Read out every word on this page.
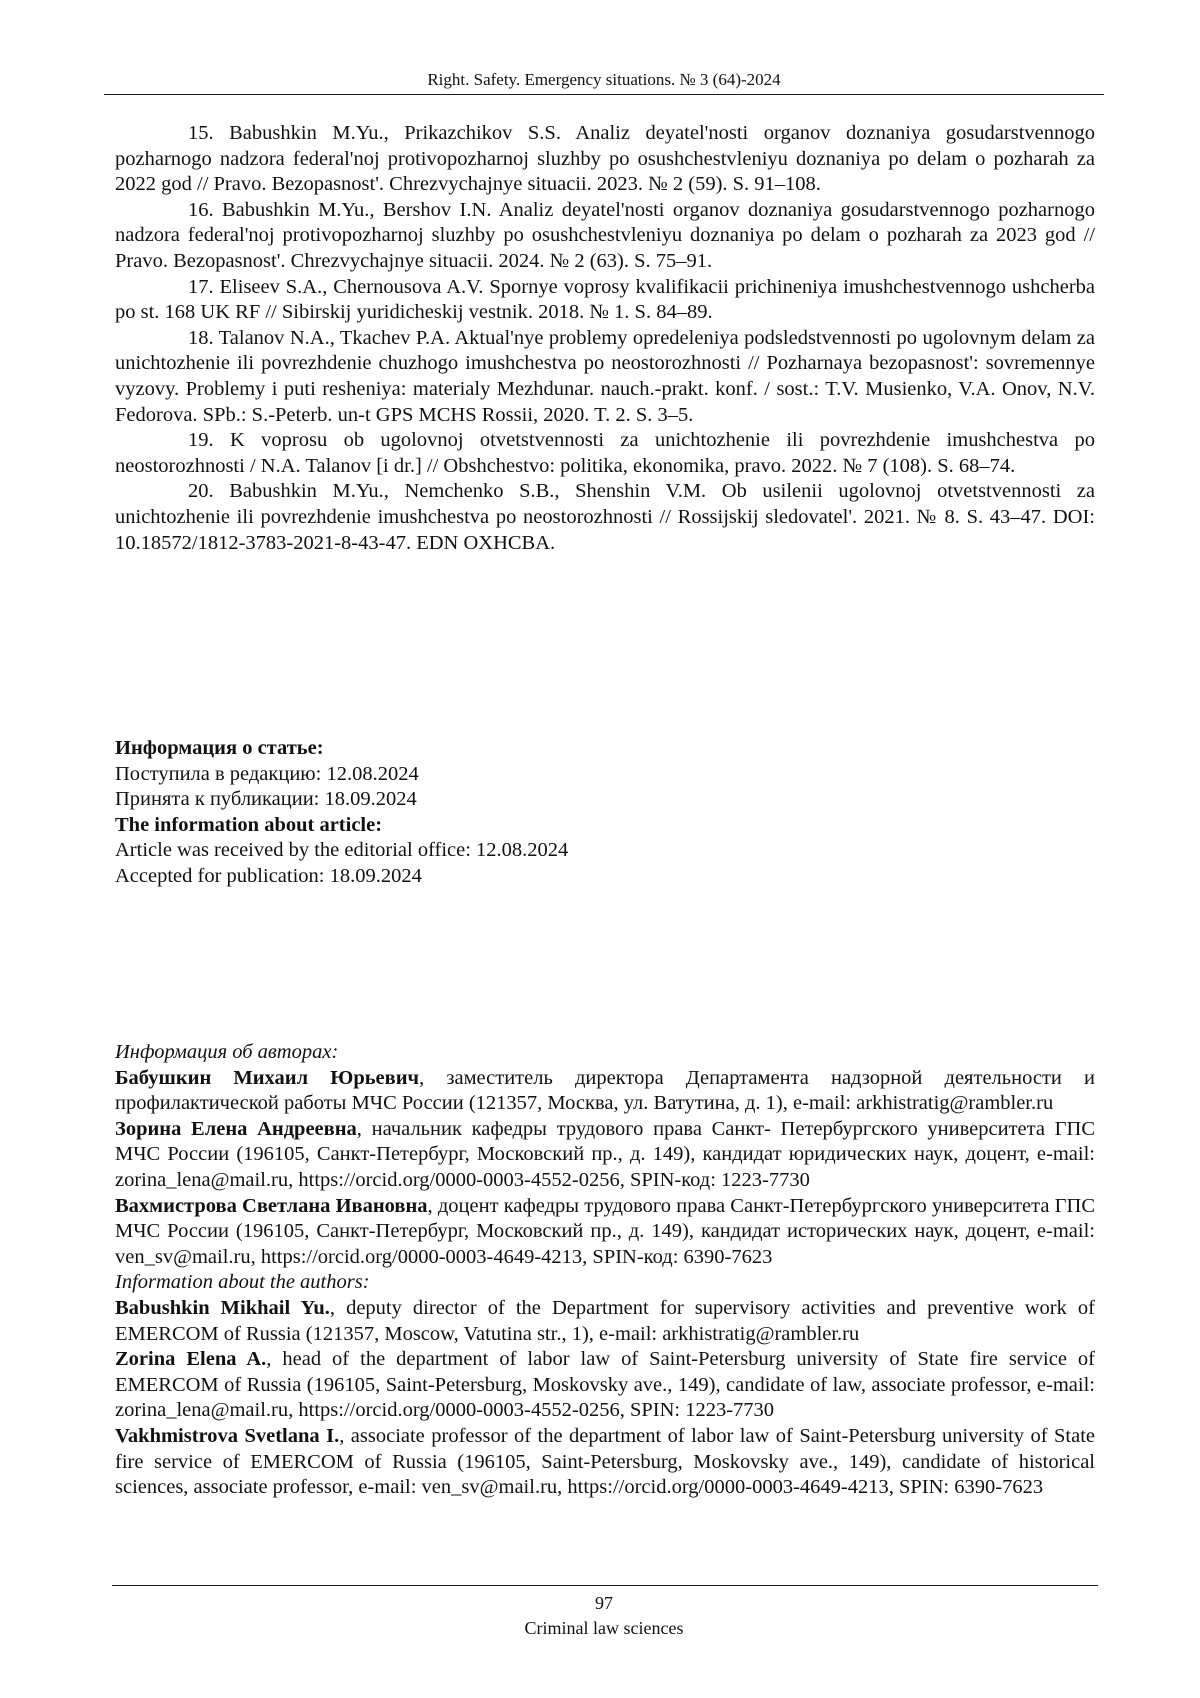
Right. Safety. Emergency situations. № 3 (64)-2024

15. Babushkin M.Yu., Prikazchikov S.S. Analiz deyatel'nosti organov doznaniya gosudarstvennogo pozharnogo nadzora federal'noj protivopozharnoj sluzhby po osushchestvleniyu doznaniya po delam o pozharah za 2022 god // Pravo. Bezopasnost'. Chrezvychajnye situacii. 2023. № 2 (59). S. 91–108.

16. Babushkin M.Yu., Bershov I.N. Analiz deyatel'nosti organov doznaniya gosudarstvennogo pozharnogo nadzora federal'noj protivopozharnoj sluzhby po osushchestvleniyu doznaniya po delam o pozharah za 2023 god // Pravo. Bezopasnost'. Chrezvychajnye situacii. 2024. № 2 (63). S. 75–91.

17. Eliseev S.A., Chernousova A.V. Spornye voprosy kvalifikacii prichineniya imushchestvennogo ushcherba po st. 168 UK RF // Sibirskij yuridicheskij vestnik. 2018. № 1. S. 84–89.

18. Talanov N.A., Tkachev P.A. Aktual'nye problemy opredeleniya podsledstvennosti po ugolovnym delam za unichtozhenie ili povrezhdenie chuzhogo imushchestva po neostorozhnosti // Pozharnaya bezopasnost': sovremennye vyzovy. Problemy i puti resheniya: materialy Mezhdunar. nauch.-prakt. konf. / sost.: T.V. Musienko, V.A. Onov, N.V. Fedorova. SPb.: S.-Peterb. un-t GPS MCHS Rossii, 2020. T. 2. S. 3–5.

19. K voprosu ob ugolovnoj otvetstvennosti za unichtozhenie ili povrezhdenie imushchestva po neostorozhnosti / N.A. Talanov [i dr.] // Obshchestvo: politika, ekonomika, pravo. 2022. № 7 (108). S. 68–74.

20. Babushkin M.Yu., Nemchenko S.B., Shenshin V.M. Ob usilenii ugolovnoj otvetstvennosti za unichtozhenie ili povrezhdenie imushchestva po neostorozhnosti // Rossijskij sledovatel'. 2021. № 8. S. 43–47. DOI: 10.18572/1812-3783-2021-8-43-47. EDN OXHCBA.

Информация о статье:

Поступила в редакцию: 12.08.2024

Принята к публикации: 18.09.2024

The information about article:

Article was received by the editorial office: 12.08.2024

Accepted for publication: 18.09.2024

Информация об авторах:

Бабушкин Михаил Юрьевич, заместитель директора Департамента надзорной деятельности и профилактической работы МЧС России (121357, Москва, ул. Ватутина, д. 1), e-mail: arkhistratig@rambler.ru

Зорина Елена Андреевна, начальник кафедры трудового права Санкт- Петербургского университета ГПС МЧС России (196105, Санкт-Петербург, Московский пр., д. 149), кандидат юридических наук, доцент, e-mail: zorina_lena@mail.ru, https://orcid.org/0000-0003-4552-0256, SPIN-код: 1223-7730

Вахмистрова Светлана Ивановна, доцент кафедры трудового права Санкт-Петербургского университета ГПС МЧС России (196105, Санкт-Петербург, Московский пр., д. 149), кандидат исторических наук, доцент, e-mail: ven_sv@mail.ru, https://orcid.org/0000-0003-4649-4213, SPIN-код: 6390-7623

Information about the authors:

Babushkin Mikhail Yu., deputy director of the Department for supervisory activities and preventive work of EMERCOM of Russia (121357, Moscow, Vatutina str., 1), e-mail: arkhistratig@rambler.ru

Zorina Elena A., head of the department of labor law of Saint-Petersburg university of State fire service of EMERCOM of Russia (196105, Saint-Petersburg, Moskovsky ave., 149), candidate of law, associate professor, e-mail: zorina_lena@mail.ru, https://orcid.org/0000-0003-4552-0256, SPIN: 1223-7730

Vakhmistrova Svetlana I., associate professor of the department of labor law of Saint-Petersburg university of State fire service of EMERCOM of Russia (196105, Saint-Petersburg, Moskovsky ave., 149), candidate of historical sciences, associate professor, e-mail: ven_sv@mail.ru, https://orcid.org/0000-0003-4649-4213, SPIN: 6390-7623

97
Criminal law sciences
